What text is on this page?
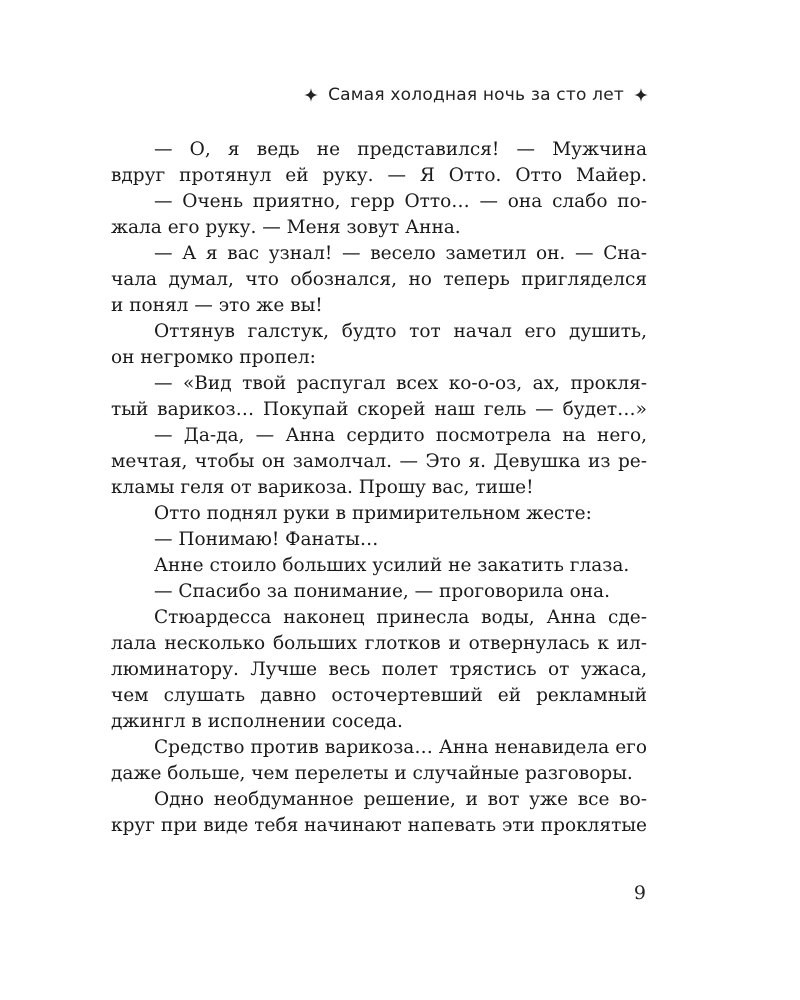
Самая холодная ночь за сто лет
— О, я ведь не представился! — Мужчина
вдруг протянул ей руку. — Я Отто. Отто Майер.
— Очень приятно, герр Отто… — она слабо по-
жала его руку. — Меня зовут Анна.
— А я вас узнал! — весело заметил он. — Сна-
чала думал, что обознался, но теперь пригляделся
и понял — это же вы!
Оттянув галстук, будто тот начал его душить,
он негромко пропел:
— «Вид твой распугал всех ко-о-оз, ах, прокля-
тый варикоз… Покупай скорей наш гель — будет…»
— Да-да, — Анна сердито посмотрела на него,
мечтая, чтобы он замолчал. — Это я. Девушка из ре-
кламы геля от варикоза. Прошу вас, тише!
Отто поднял руки в примирительном жесте:
— Понимаю! Фанаты…
Анне стоило больших усилий не закатить глаза.
— Спасибо за понимание, — проговорила она.
Стюардесса наконец принесла воды, Анна сде-
лала несколько больших глотков и отвернулась к ил-
люминатору. Лучше весь полет трястись от ужаса,
чем слушать давно осточертевший ей рекламный
джингл в исполнении соседа.
Средство против варикоза… Анна ненавидела его
даже больше, чем перелеты и случайные разговоры.
Одно необдуманное решение, и вот уже все во-
круг при виде тебя начинают напевать эти проклятые
9
